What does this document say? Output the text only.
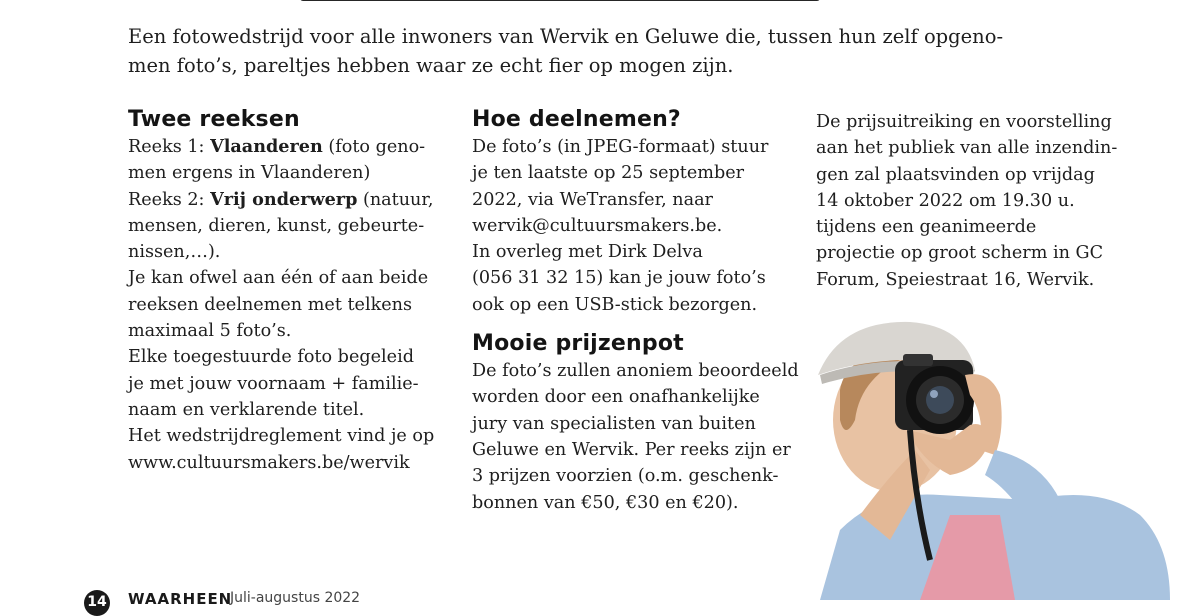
Een fotowedstrijd voor alle inwoners van Wervik en Geluwe die, tussen hun zelf opgeno-
men foto’s, pareltjes hebben waar ze echt fier op mogen zijn.

Twee reeksen

Reeks 1: Vlaanderen (foto geno-
men ergens in Vlaanderen)

Reeks 2: Vrij onderwerp (natuur,
mensen, dieren, kunst, gebeurte-
nissen,…).

Je kan ofwel aan één of aan beide
reeksen deelnemen met telkens
maximaal 5 foto’s.

Elke toegestuurde foto begeleid
je met jouw voornaam + familie-
naam en verklarende titel.

Het wedstrijdreglement vind je op
www.cultuursmakers.be/wervik

Hoe deelnemen?

De foto’s (in JPEG-formaat) stuur
je ten laatste op 25 september
2022, via WeTransfer, naar
wervik@cultuursmakers.be.

In overleg met Dirk Delva
(056 31 32 15) kan je jouw foto’s
ook op een USB-stick bezorgen.

Mooie prijzenpot

De foto’s zullen anoniem beoordeeld
worden door een onafhankelijke
jury van specialisten van buiten
Geluwe en Wervik. Per reeks zijn er
3 prijzen voorzien (o.m. geschenk-
bonnen van €50, €30 en €20).

De prijsuitreiking en voorstelling
aan het publiek van alle inzendin-
gen zal plaatsvinden op vrijdag
14 oktober 2022 om 19.30 u.
tijdens een geanimeerde
projectie op groot scherm in GC
Forum, Speiestraat 16, Wervik.

14 WAARHEEN
Juli-augustus 2022
